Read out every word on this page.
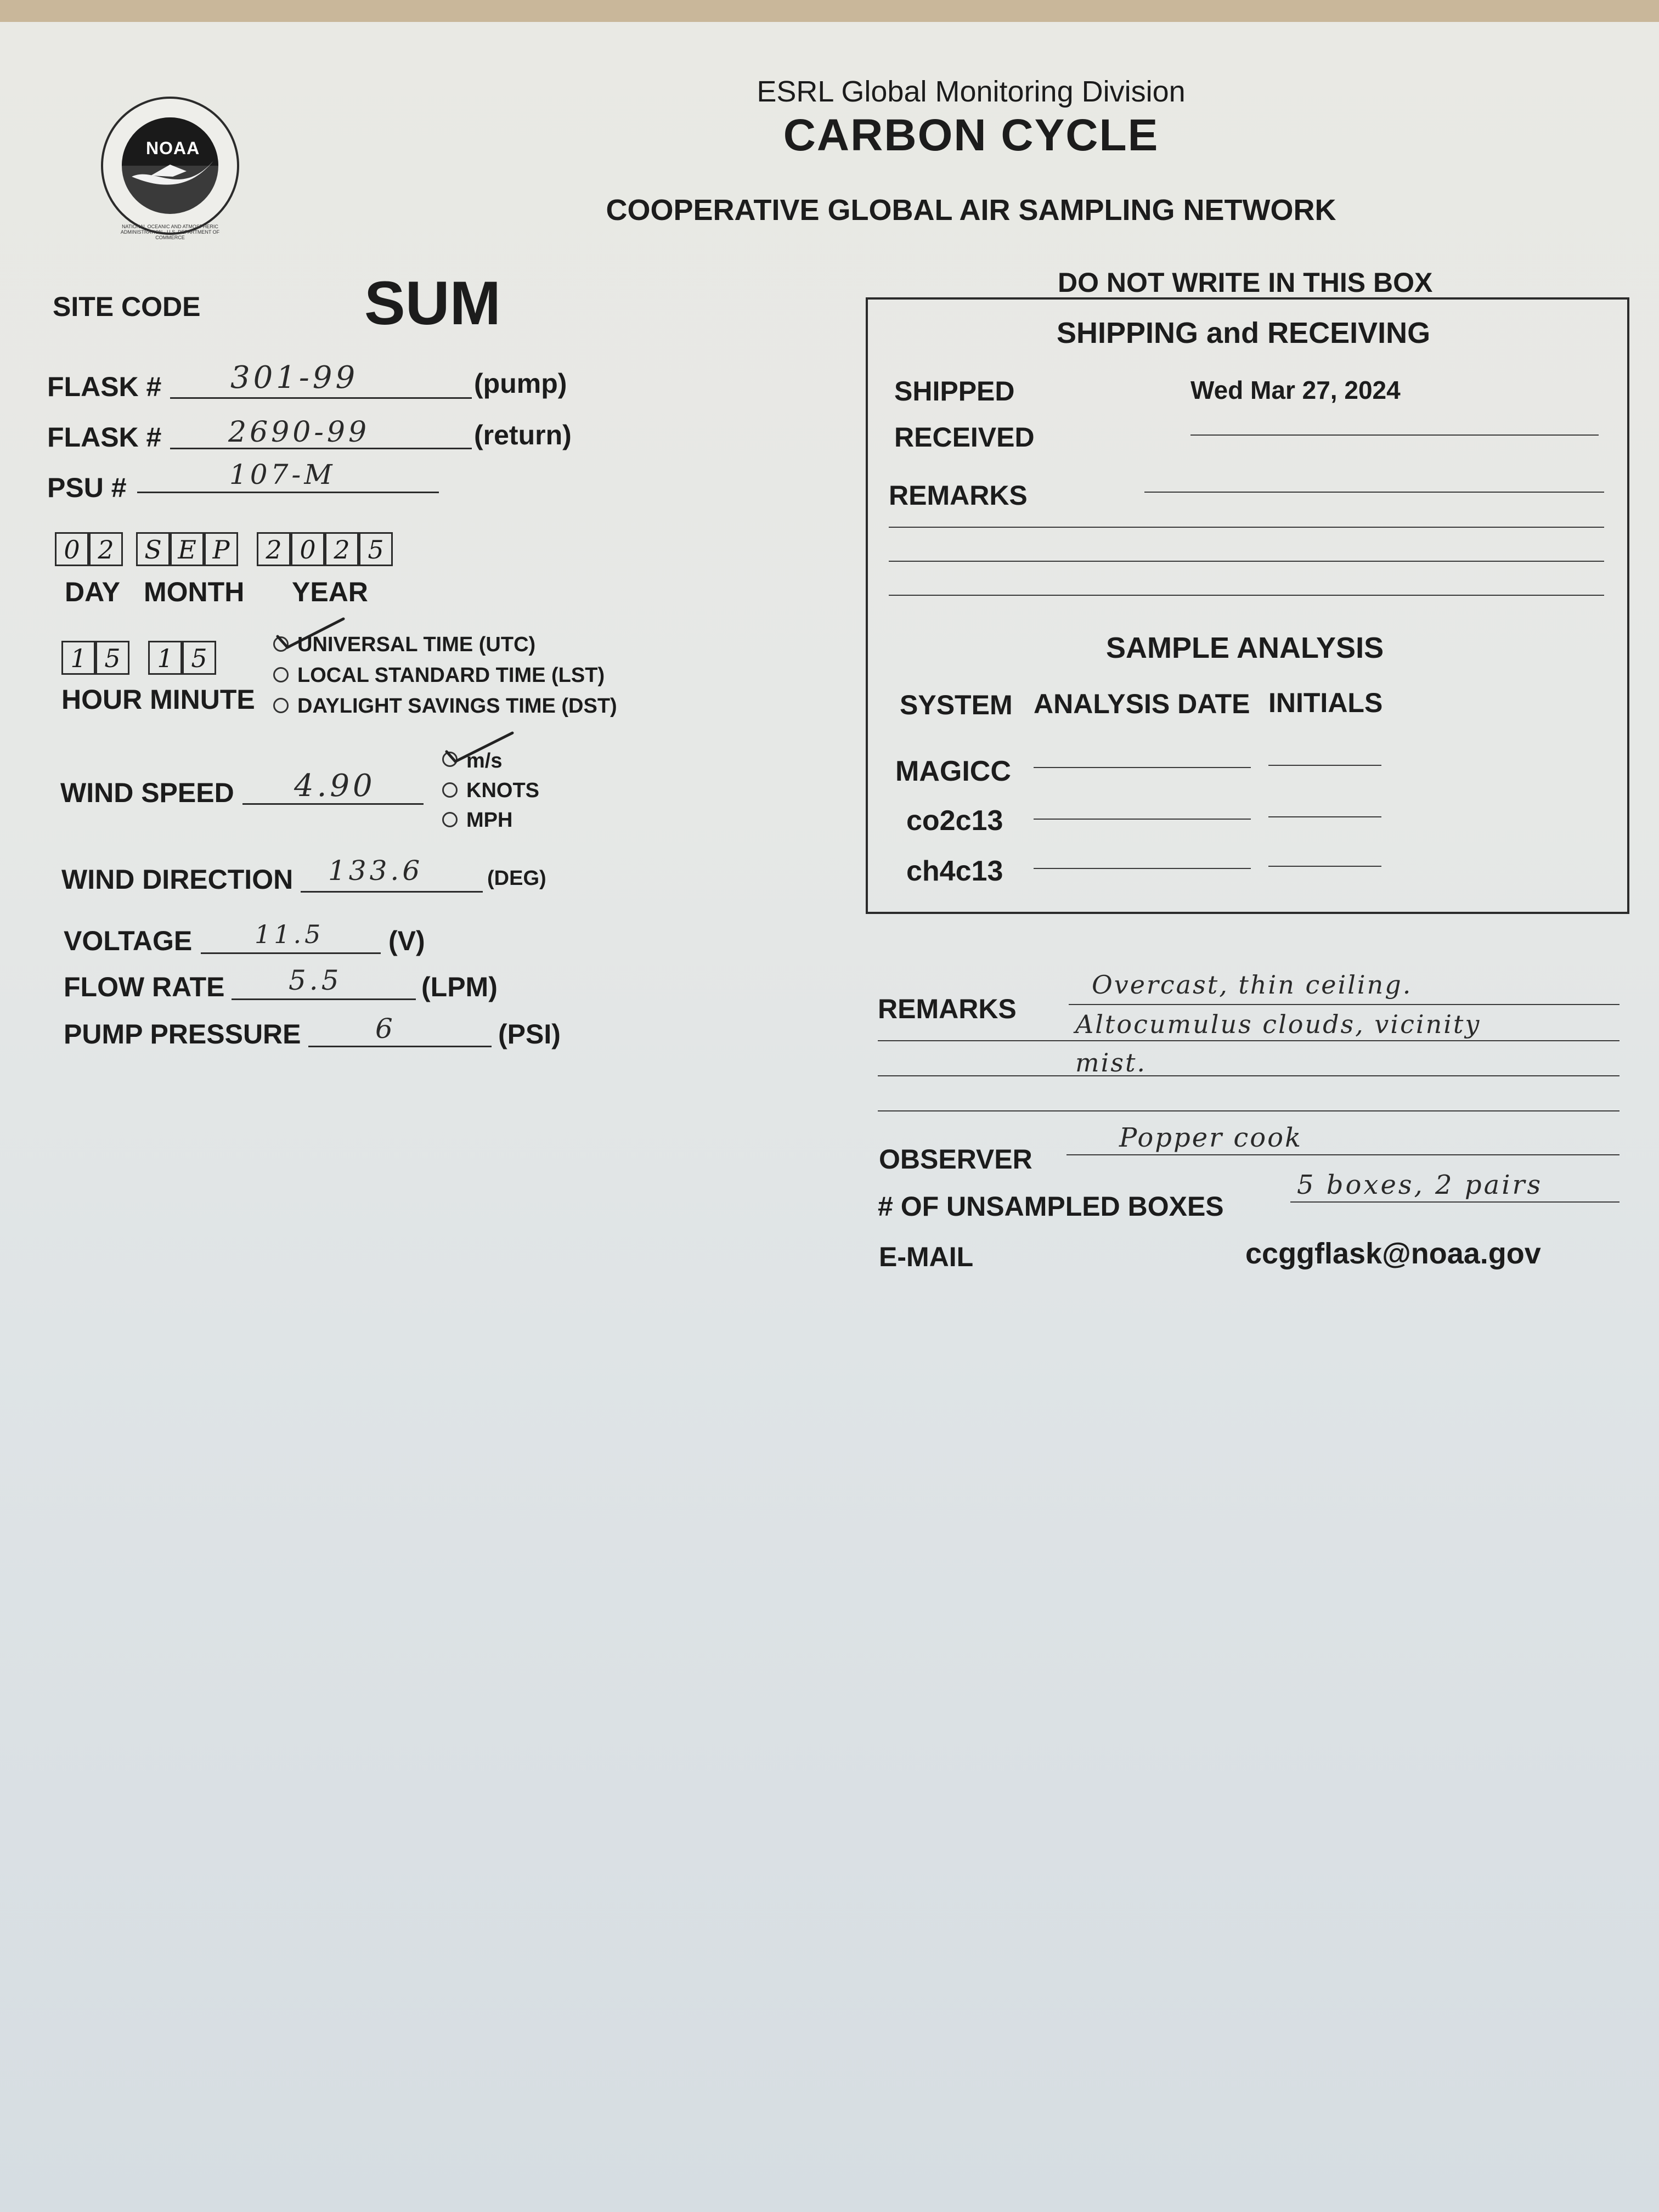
NOAA
NATIONAL OCEANIC AND ATMOSPHERIC ADMINISTRATION · U.S. DEPARTMENT OF COMMERCE
ESRL Global Monitoring Division
CARBON CYCLE
COOPERATIVE GLOBAL AIR SAMPLING NETWORK
SITE CODE	SUM
FLASK # 301-99	(pump)
FLASK # 2690-99	(return)
PSU #	107-M
0 2	S E P	2 0 2 5
DAY MONTH YEAR
1 5	1 5
HOUR MINUTE
UNIVERSAL TIME (UTC)
LOCAL STANDARD TIME (LST)
DAYLIGHT SAVINGS TIME (DST)
WIND SPEED 4.90
m/s
KNOTS
MPH
WIND DIRECTION 133.6	(DEG)
VOLTAGE 11.5 (V)
FLOW RATE 5.5	(LPM)
PUMP PRESSURE	6	(PSI)
DO NOT WRITE IN THIS BOX
SHIPPING and RECEIVING
SHIPPED	Wed Mar 27, 2024
RECEIVED
REMARKS
SAMPLE ANALYSIS
SYSTEM ANALYSIS DATE INITIALS
MAGICC
co2c13
ch4c13
REMARKS
Overcast, thin ceiling.
Altocumulus clouds, vicinity
mist.
OBSERVER
Popper cook
# OF UNSAMPLED BOXES
5 boxes, 2 pairs
E-MAIL	ccggflask@noaa.gov
